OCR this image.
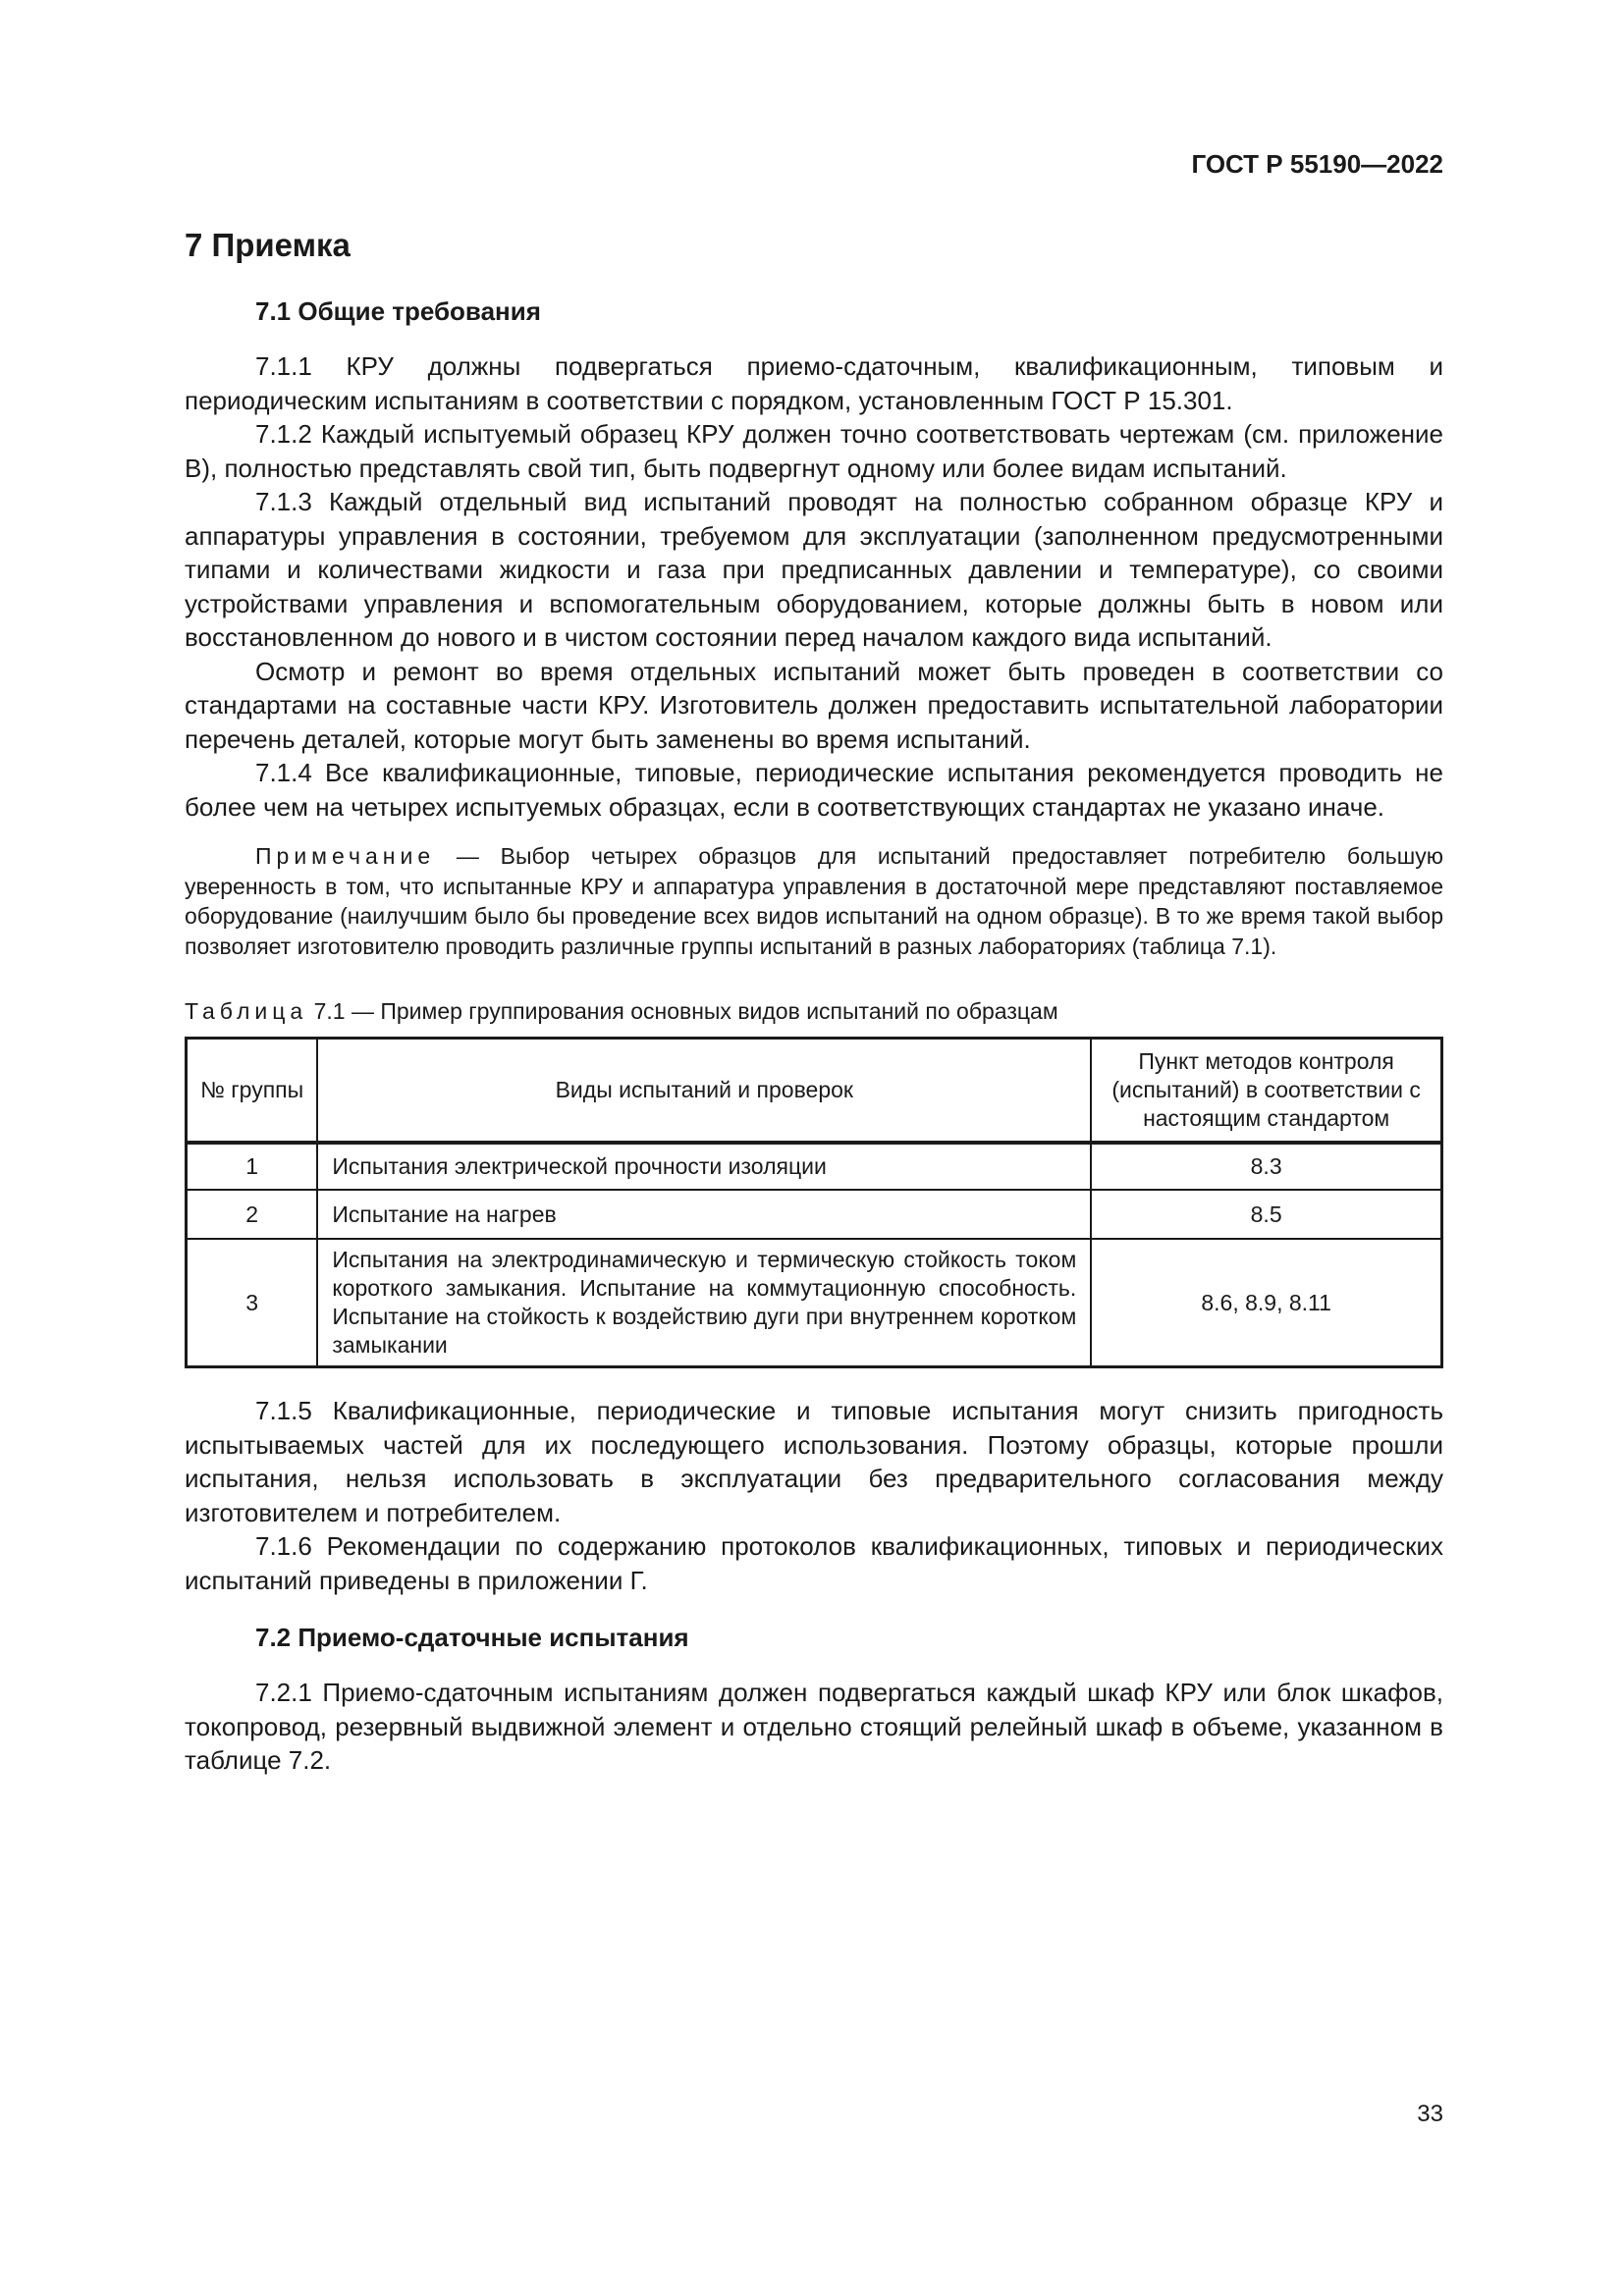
ГОСТ Р 55190—2022
7 Приемка
7.1 Общие требования

7.1.1 КРУ должны подвергаться приемо-сдаточным, квалификационным, типовым и периодическим испытаниям в соответствии с порядком, установленным ГОСТ Р 15.301.

7.1.2 Каждый испытуемый образец КРУ должен точно соответствовать чертежам (см. приложение В), полностью представлять свой тип, быть подвергнут одному или более видам испытаний.

7.1.3 Каждый отдельный вид испытаний проводят на полностью собранном образце КРУ и аппаратуры управления в состоянии, требуемом для эксплуатации (заполненном предусмотренными типами и количествами жидкости и газа при предписанных давлении и температуре), со своими устройствами управления и вспомогательным оборудованием, которые должны быть в новом или восстановленном до нового и в чистом состоянии перед началом каждого вида испытаний.

Осмотр и ремонт во время отдельных испытаний может быть проведен в соответствии со стандартами на составные части КРУ. Изготовитель должен предоставить испытательной лаборатории перечень деталей, которые могут быть заменены во время испытаний.

7.1.4 Все квалификационные, типовые, периодические испытания рекомендуется проводить не более чем на четырех испытуемых образцах, если в соответствующих стандартах не указано иначе.

Примечание — Выбор четырех образцов для испытаний предоставляет потребителю большую уверенность в том, что испытанные КРУ и аппаратура управления в достаточной мере представляют поставляемое оборудование (наилучшим было бы проведение всех видов испытаний на одном образце). В то же время такой выбор позволяет изготовителю проводить различные группы испытаний в разных лабораториях (таблица 7.1).
Таблица 7.1 — Пример группирования основных видов испытаний по образцам
№ группы	Виды испытаний и проверок	Пункт методов контроля (испытаний) в соответствии с настоящим стандартом
1	Испытания электрической прочности изоляции	8.3
2	Испытание на нагрев	8.5
3	Испытания на электродинамическую и термическую стойкость током короткого замыкания. Испытание на коммутационную способность. Испытание на стойкость к воздействию дуги при внутреннем коротком замыкании	8.6, 8.9, 8.11

7.1.5 Квалификационные, периодические и типовые испытания могут снизить пригодность испытываемых частей для их последующего использования. Поэтому образцы, которые прошли испытания, нельзя использовать в эксплуатации без предварительного согласования между изготовителем и потребителем.

7.1.6 Рекомендации по содержанию протоколов квалификационных, типовых и периодических испытаний приведены в приложении Г.

7.2 Приемо-сдаточные испытания

7.2.1 Приемо-сдаточным испытаниям должен подвергаться каждый шкаф КРУ или блок шкафов, токопровод, резервный выдвижной элемент и отдельно стоящий релейный шкаф в объеме, указанном в таблице 7.2.

33
